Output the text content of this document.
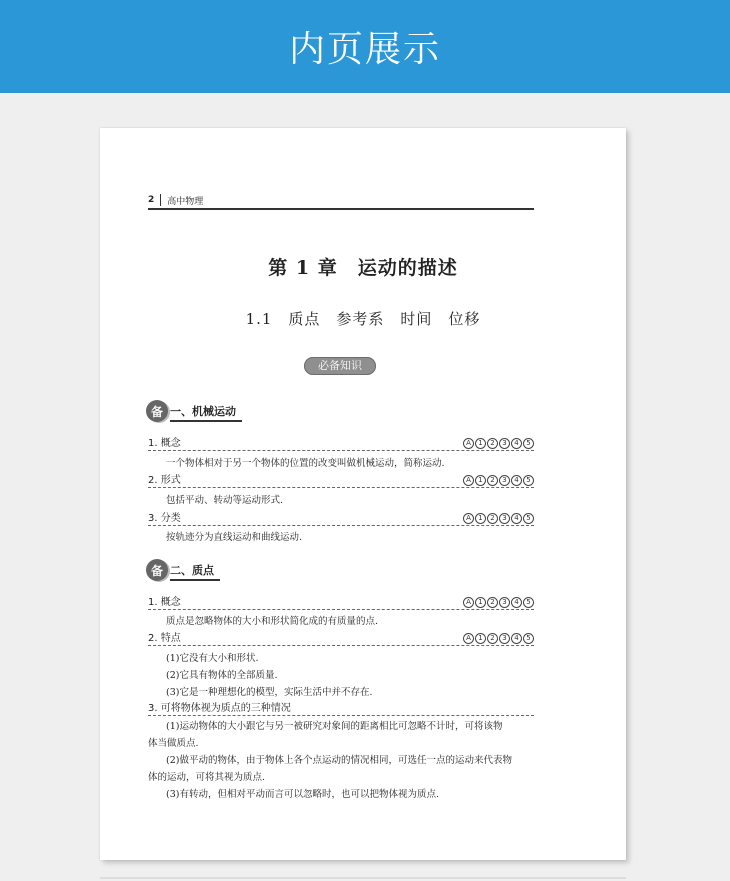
内页展示
2	高中物理
第 1 章　运动的描述
1.1　质点　参考系　时间　位移
必备知识
备 一、机械运动
1. 概念	A	1	2	3	4	5
一个物体相对于另一个物体的位置的改变叫做机械运动，简称运动.
2. 形式	A	1	2	3	4	5
包括平动、转动等运动形式.
3. 分类	A	1	2	3	4	5
按轨迹分为直线运动和曲线运动.
备 二、质点
1. 概念	A	1	2	3	4	5
质点是忽略物体的大小和形状简化成的有质量的点.
2. 特点	A	1	2	3	4	5
(1)它没有大小和形状.
(2)它具有物体的全部质量.
(3)它是一种理想化的模型，实际生活中并不存在.
3. 可将物体视为质点的三种情况
(1)运动物体的大小跟它与另一被研究对象间的距离相比可忽略不计时，可将该物
体当做质点.
(2)做平动的物体，由于物体上各个点运动的情况相同，可选任一点的运动来代表物
体的运动，可将其视为质点.
(3)有转动，但相对平动而言可以忽略时，也可以把物体视为质点.
